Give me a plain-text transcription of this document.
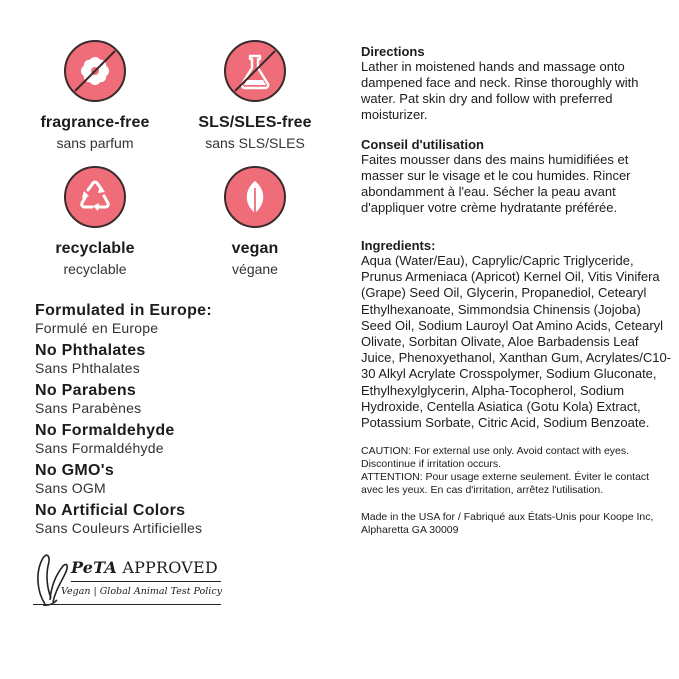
fragrance-free
sans parfum
SLS/SLES-free
sans SLS/SLES
recyclable
recyclable
vegan
végane
Formulated in Europe:
Formulé en Europe
No Phthalates
Sans Phthalates
No Parabens
Sans Parabènes
No Formaldehyde
Sans Formaldéhyde
No GMO's
Sans OGM
No Artificial Colors
Sans Couleurs Artificielles
PeTA APPROVED
Vegan | Global Animal Test Policy
Directions
Lather in moistened hands and massage onto dampened face and neck. Rinse thoroughly with water. Pat skin dry and follow with preferred moisturizer.
Conseil d'utilisation
Faites mousser dans des mains humidifiées et masser sur le visage et le cou humides. Rincer abondamment à l'eau. Sécher la peau avant d'appliquer votre crème hydratante préférée.
Ingredients:
Aqua (Water/Eau), Caprylic/Capric Triglyceride, Prunus Armeniaca (Apricot) Kernel Oil, Vitis Vinifera (Grape) Seed Oil, Glycerin, Propanediol, Cetearyl Ethylhexanoate, Simmondsia Chinensis (Jojoba) Seed Oil, Sodium Lauroyl Oat Amino Acids, Cetearyl Olivate, Sorbitan Olivate, Aloe Barbadensis Leaf Juice, Phenoxyethanol, Xanthan Gum, Acrylates/C10-30 Alkyl Acrylate Crosspolymer, Sodium Gluconate, Ethylhexylglycerin, Alpha-Tocopherol, Sodium Hydroxide, Centella Asiatica (Gotu Kola) Extract, Potassium Sorbate, Citric Acid, Sodium Benzoate.
CAUTION: For external use only. Avoid contact with eyes. Discontinue if irritation occurs.
ATTENTION: Pour usage externe seulement. Éviter le contact avec les yeux. En cas d'irritation, arrêtez l'utilisation.
Made in the USA for / Fabriqué aux États-Unis pour Koope Inc, Alpharetta GA 30009
